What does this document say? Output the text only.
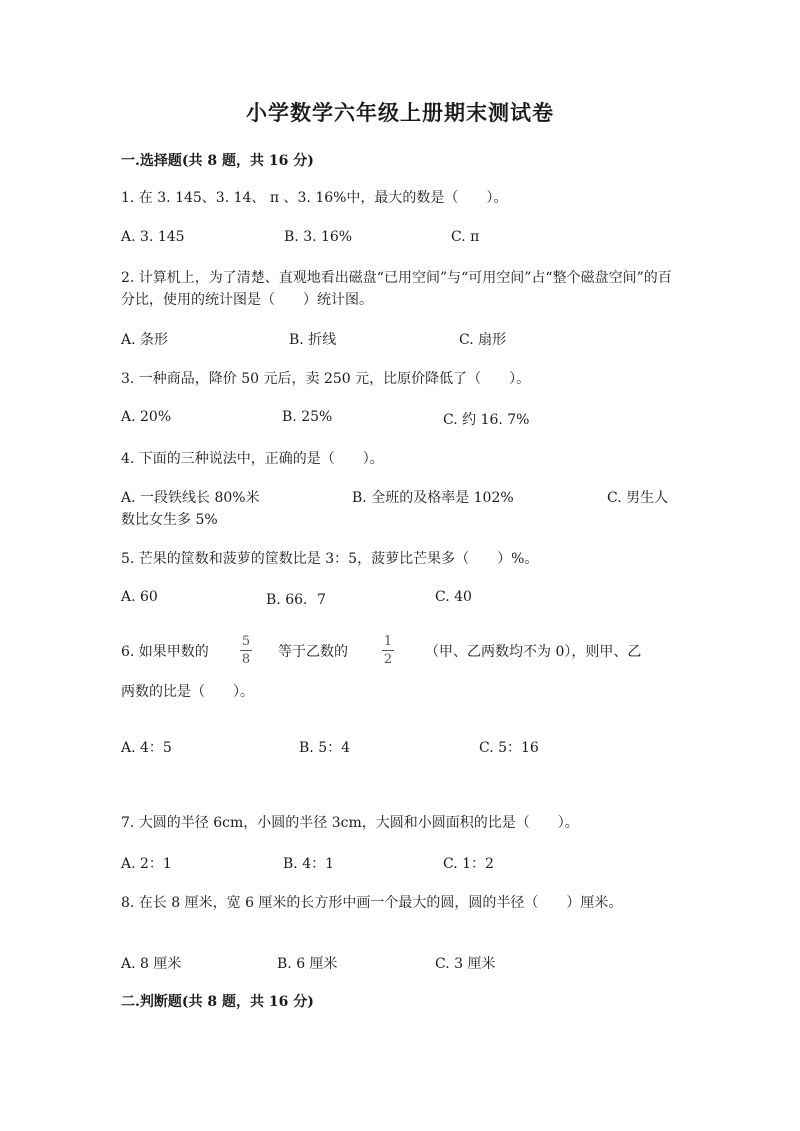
小学数学六年级上册期末测试卷
一.选择题(共 8 题，共 16 分)
1. 在 3. 145、3. 14、 π 、3. 16%中，最大的数是（　　）。
A. 3. 145	B. 3. 16%	C. π
2. 计算机上，为了清楚、直观地看出磁盘“已用空间”与“可用空间”占“整个磁盘空间”的百分比，使用的统计图是（　　）统计图。
A. 条形	B. 折线	C. 扇形
3. 一种商品，降价 50 元后，卖 250 元，比原价降低了（　　）。
A. 20%	B. 25%	C. 约 16. 7%
4. 下面的三种说法中，正确的是（　　）。
A. 一段铁线长 80%米	B. 全班的及格率是 102%	C. 男生人
数比女生多 5%
5. 芒果的筐数和菠萝的筐数比是 3：5，菠萝比芒果多（　　）%。
A. 60	B. 66．7	C. 40
6. 如果甲数的
5
8 等于乙数的
1
2 （甲、乙两数均不为 0），则甲、乙
两数的比是（　　）。
A. 4：5	B. 5：4	C. 5：16
7. 大圆的半径 6cm，小圆的半径 3cm，大圆和小圆面积的比是（　　）。
A. 2：1	B. 4：1	C. 1：2
8. 在长 8 厘米，宽 6 厘米的长方形中画一个最大的圆，圆的半径（　　）厘米。
A. 8 厘米	B. 6 厘米	C. 3 厘米
二.判断题(共 8 题，共 16 分)
